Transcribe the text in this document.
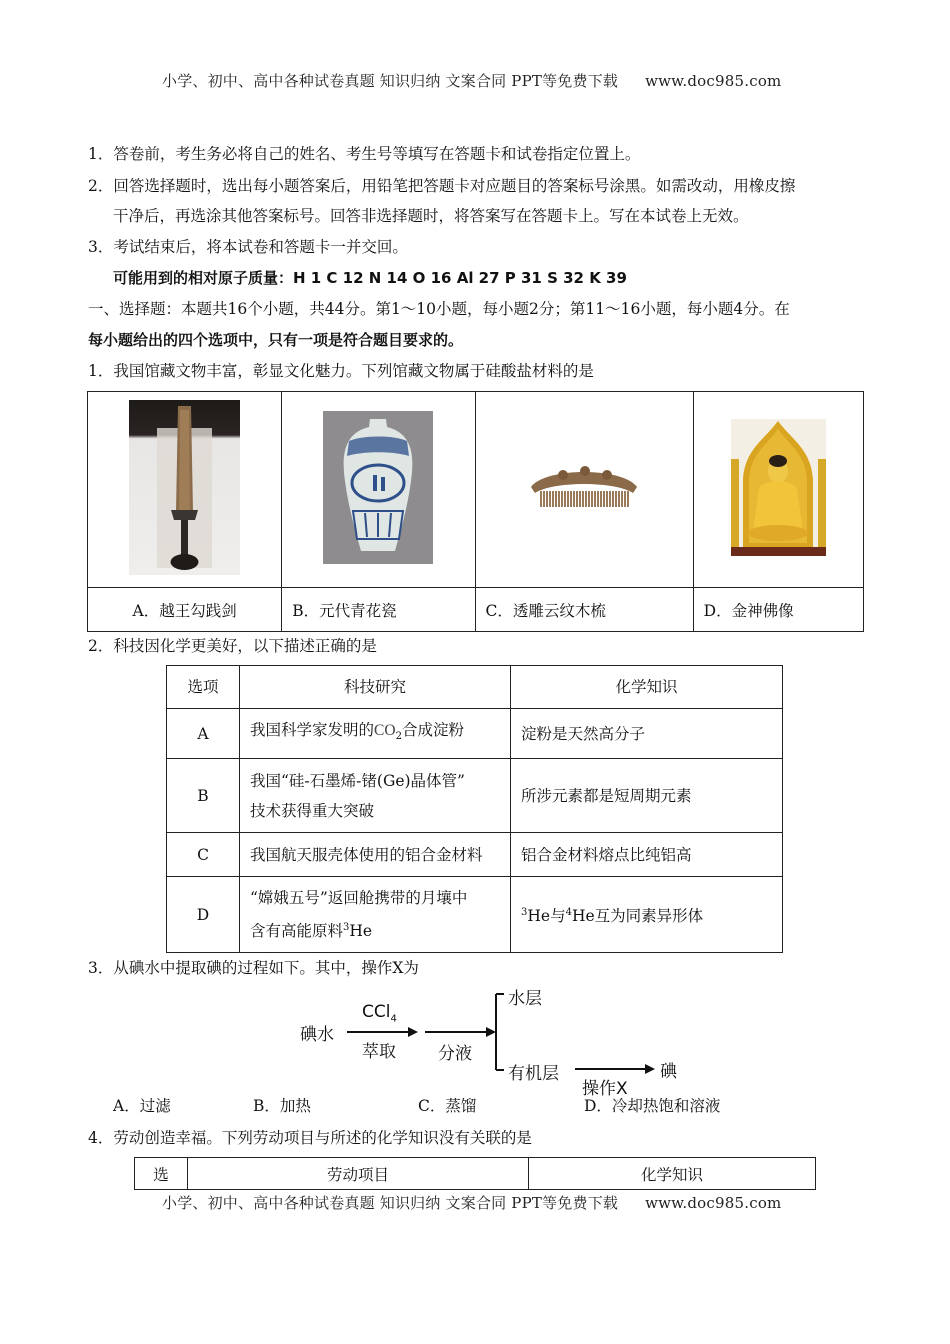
小学、初中、高中各种试卷真题 知识归纳 文案合同 PPT等免费下载 www.doc985.com
1．答卷前，考生务必将自己的姓名、考生号等填写在答题卡和试卷指定位置上。
2．回答选择题时，选出每小题答案后，用铅笔把答题卡对应题目的答案标号涂黑。如需改动，用橡皮擦
干净后，再选涂其他答案标号。回答非选择题时，将答案写在答题卡上。写在本试卷上无效。
3．考试结束后，将本试卷和答题卡一并交回。
可能用到的相对原子质量：H 1 C 12 N 14 O 16 Al 27 P 31 S 32 K 39
一、选择题：本题共16个小题，共44分。第1～10小题，每小题2分；第11～16小题，每小题4分。在
每小题给出的四个选项中，只有一项是符合题目要求的。
1．我国馆藏文物丰富，彰显文化魅力。下列馆藏文物属于硅酸盐材料的是

A．越王勾践剑	B．元代青花瓷	C．透雕云纹木梳	D．金神佛像
2．科技因化学更美好，以下描述正确的是
选项	科技研究	化学知识
A	我国科学家发明的$CO_2$合成淀粉	淀粉是天然高分子
B	我国“硅-石墨烯-锗(Ge)晶体管”
技术获得重大突破	所涉元素都是短周期元素
C	我国航天服壳体使用的铝合金材料	铝合金材料熔点比纯铝高
D	“嫦娥五号”返回舱携带的月壤中
含有高能原料$^3$He	$^3$He与$^4$He互为同素异形体
3．从碘水中提取碘的过程如下。其中，操作X为
碘水
CCl$_4$
萃取 分液
水层
有机层
操作X
碘
A．过滤	B．加热	C．蒸馏	D．冷却热饱和溶液
4．劳动创造幸福。下列劳动项目与所述的化学知识没有关联的是
选	劳动项目	化学知识
小学、初中、高中各种试卷真题 知识归纳 文案合同 PPT等免费下载 www.doc985.com
